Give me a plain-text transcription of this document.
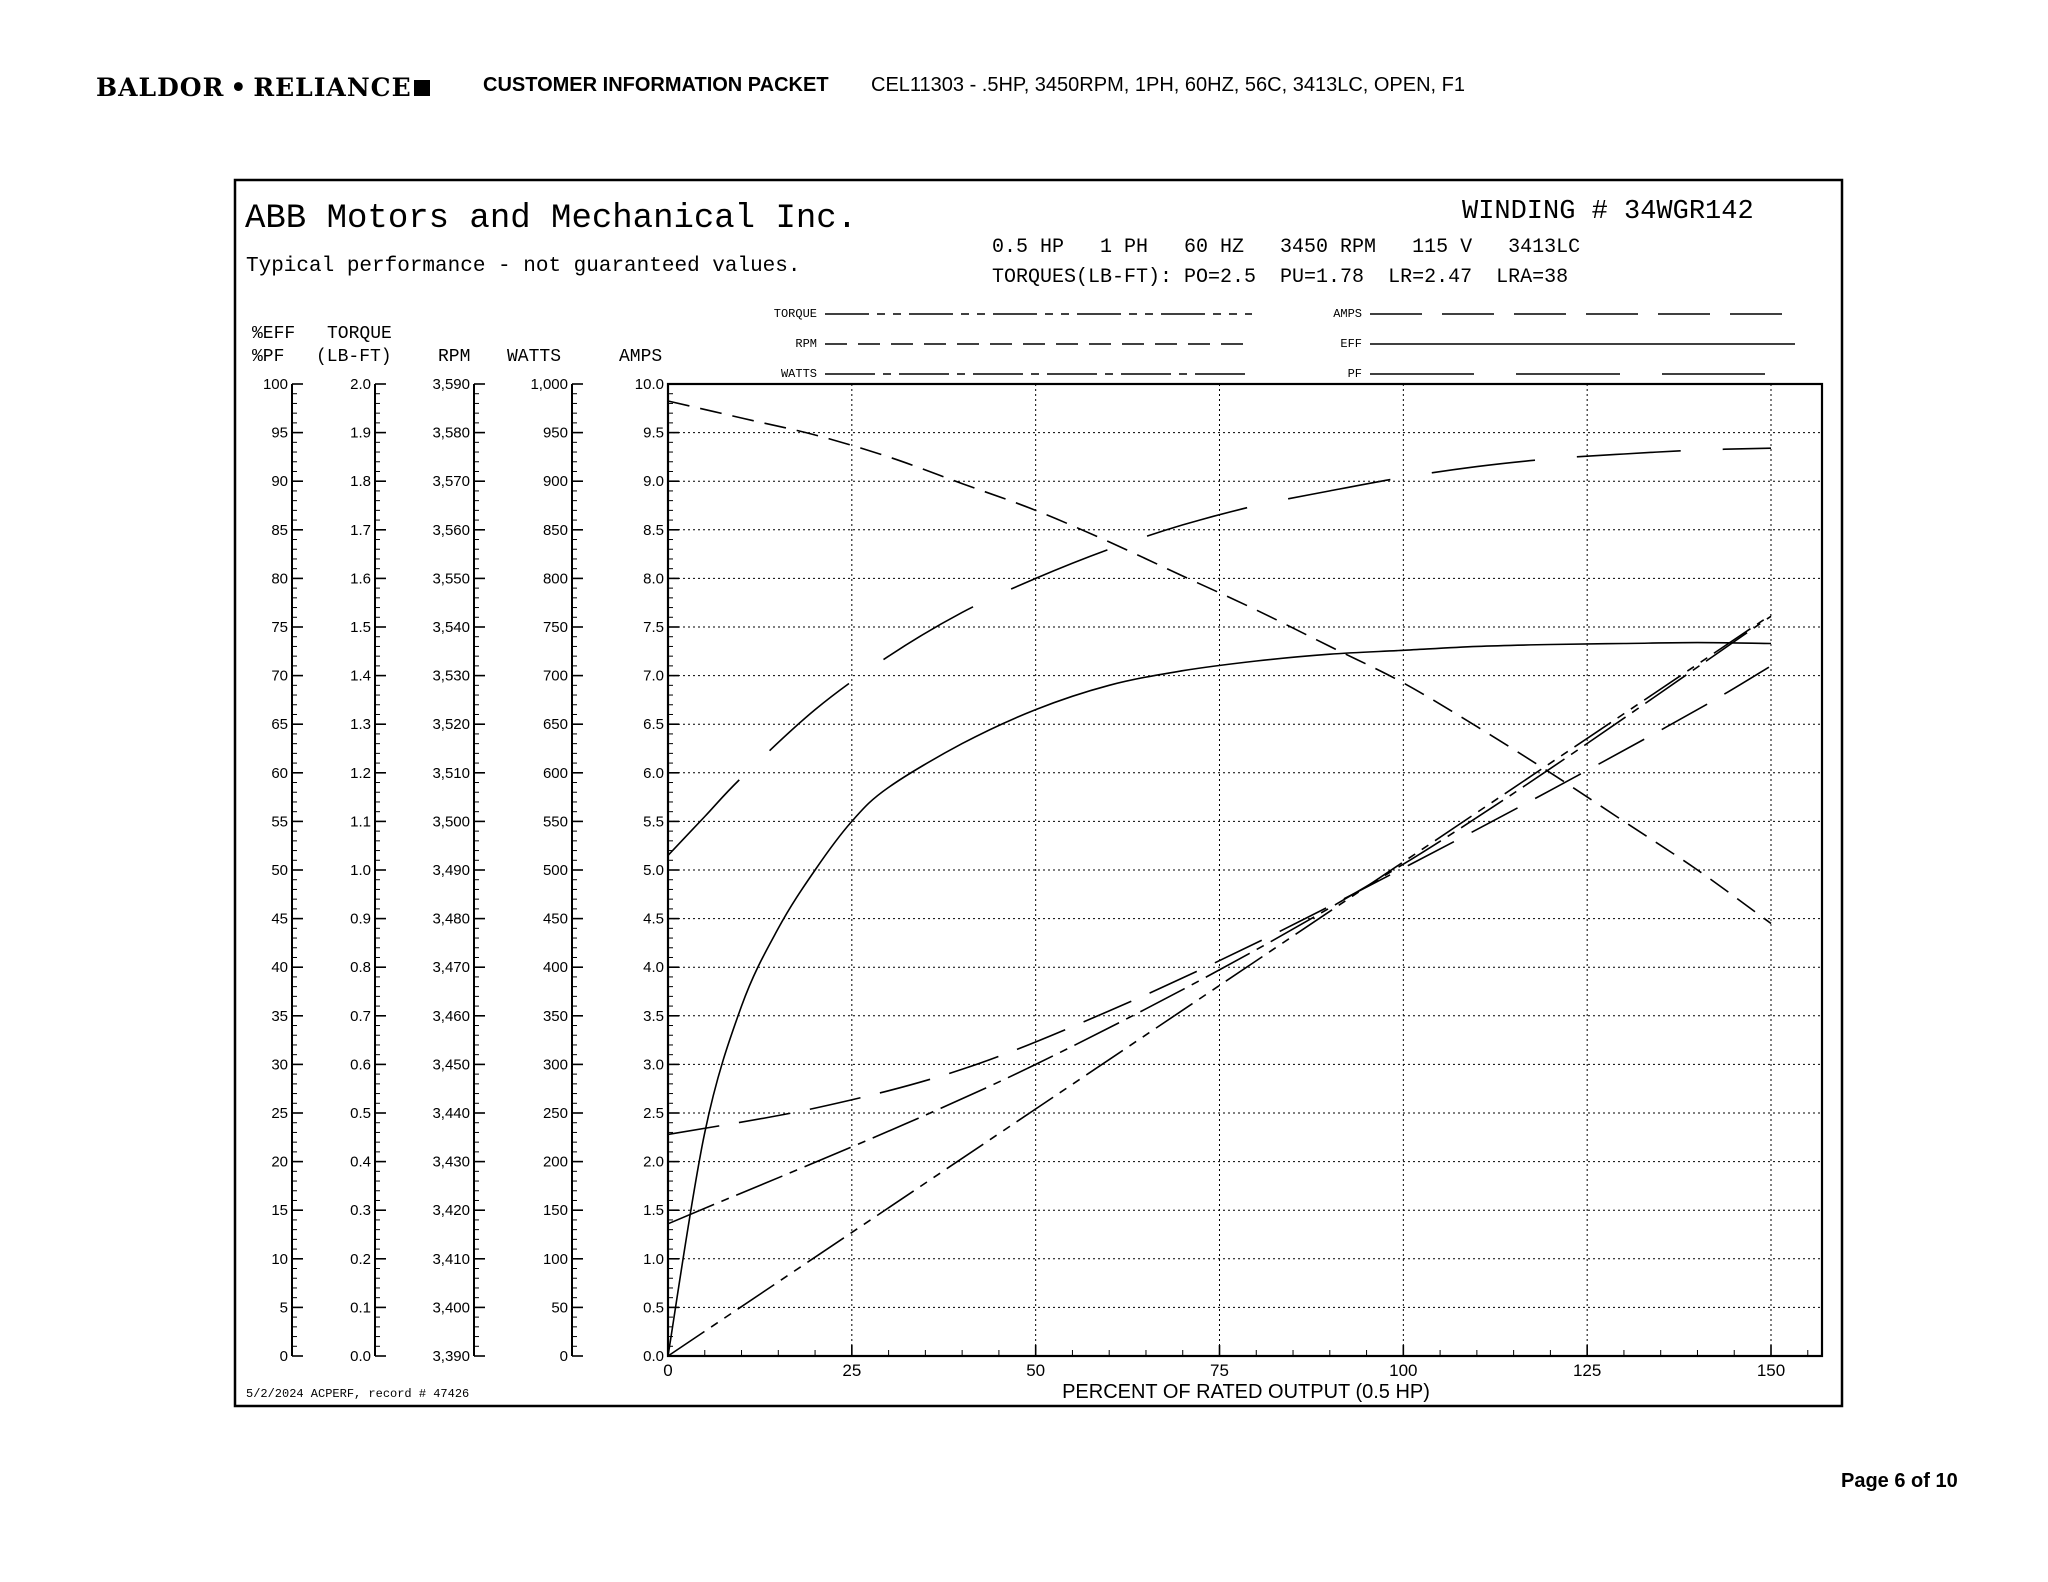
BALDOR • RELIANCE	CUSTOMER INFORMATION PACKET CEL11303 - .5HP, 3450RPM, 1PH, 60HZ, 56C, 3413LC, OPEN, F1
ABB Motors and Mechanical Inc.
Typical performance - not guaranteed values.
WINDING # 34WGR142
0.5 HP   1 PH   60 HZ   3450 RPM   115 V   3413LC
TORQUES(LB-FT): PO=2.5  PU=1.78  LR=2.47  LRA=38
5/2/2024 ACPERF, record # 47426
%EFF
%PF
TORQUE
(LB-FT)	RPM WATTS	AMPS
TORQUE
RPM
WATTS
AMPS
EFF
PF
100
95
90
85
80
75
70
65
60
55
50
45
40
35
30
25
20
15
10
5
0
2.0
1.9
1.8
1.7
1.6
1.5
1.4
1.3
1.2
1.1
1.0
0.9
0.8
0.7
0.6
0.5
0.4
0.3
0.2
0.1
0.0
3,590
3,580
3,570
3,560
3,550
3,540
3,530
3,520
3,510
3,500
3,490
3,480
3,470
3,460
3,450
3,440
3,430
3,420
3,410
3,400
3,390
1,000
950
900
850
800
750
700
650
600
550
500
450
400
350
300
250
200
150
100
50
0
10.0
9.5
9.0
8.5
8.0
7.5
7.0
6.5
6.0
5.5
5.0
4.5
4.0
3.5
3.0
2.5
2.0
1.5
1.0
0.5
0.0
0	25	50	75	100	125	150
PERCENT OF RATED OUTPUT (0.5 HP)
Page 6 of 10
